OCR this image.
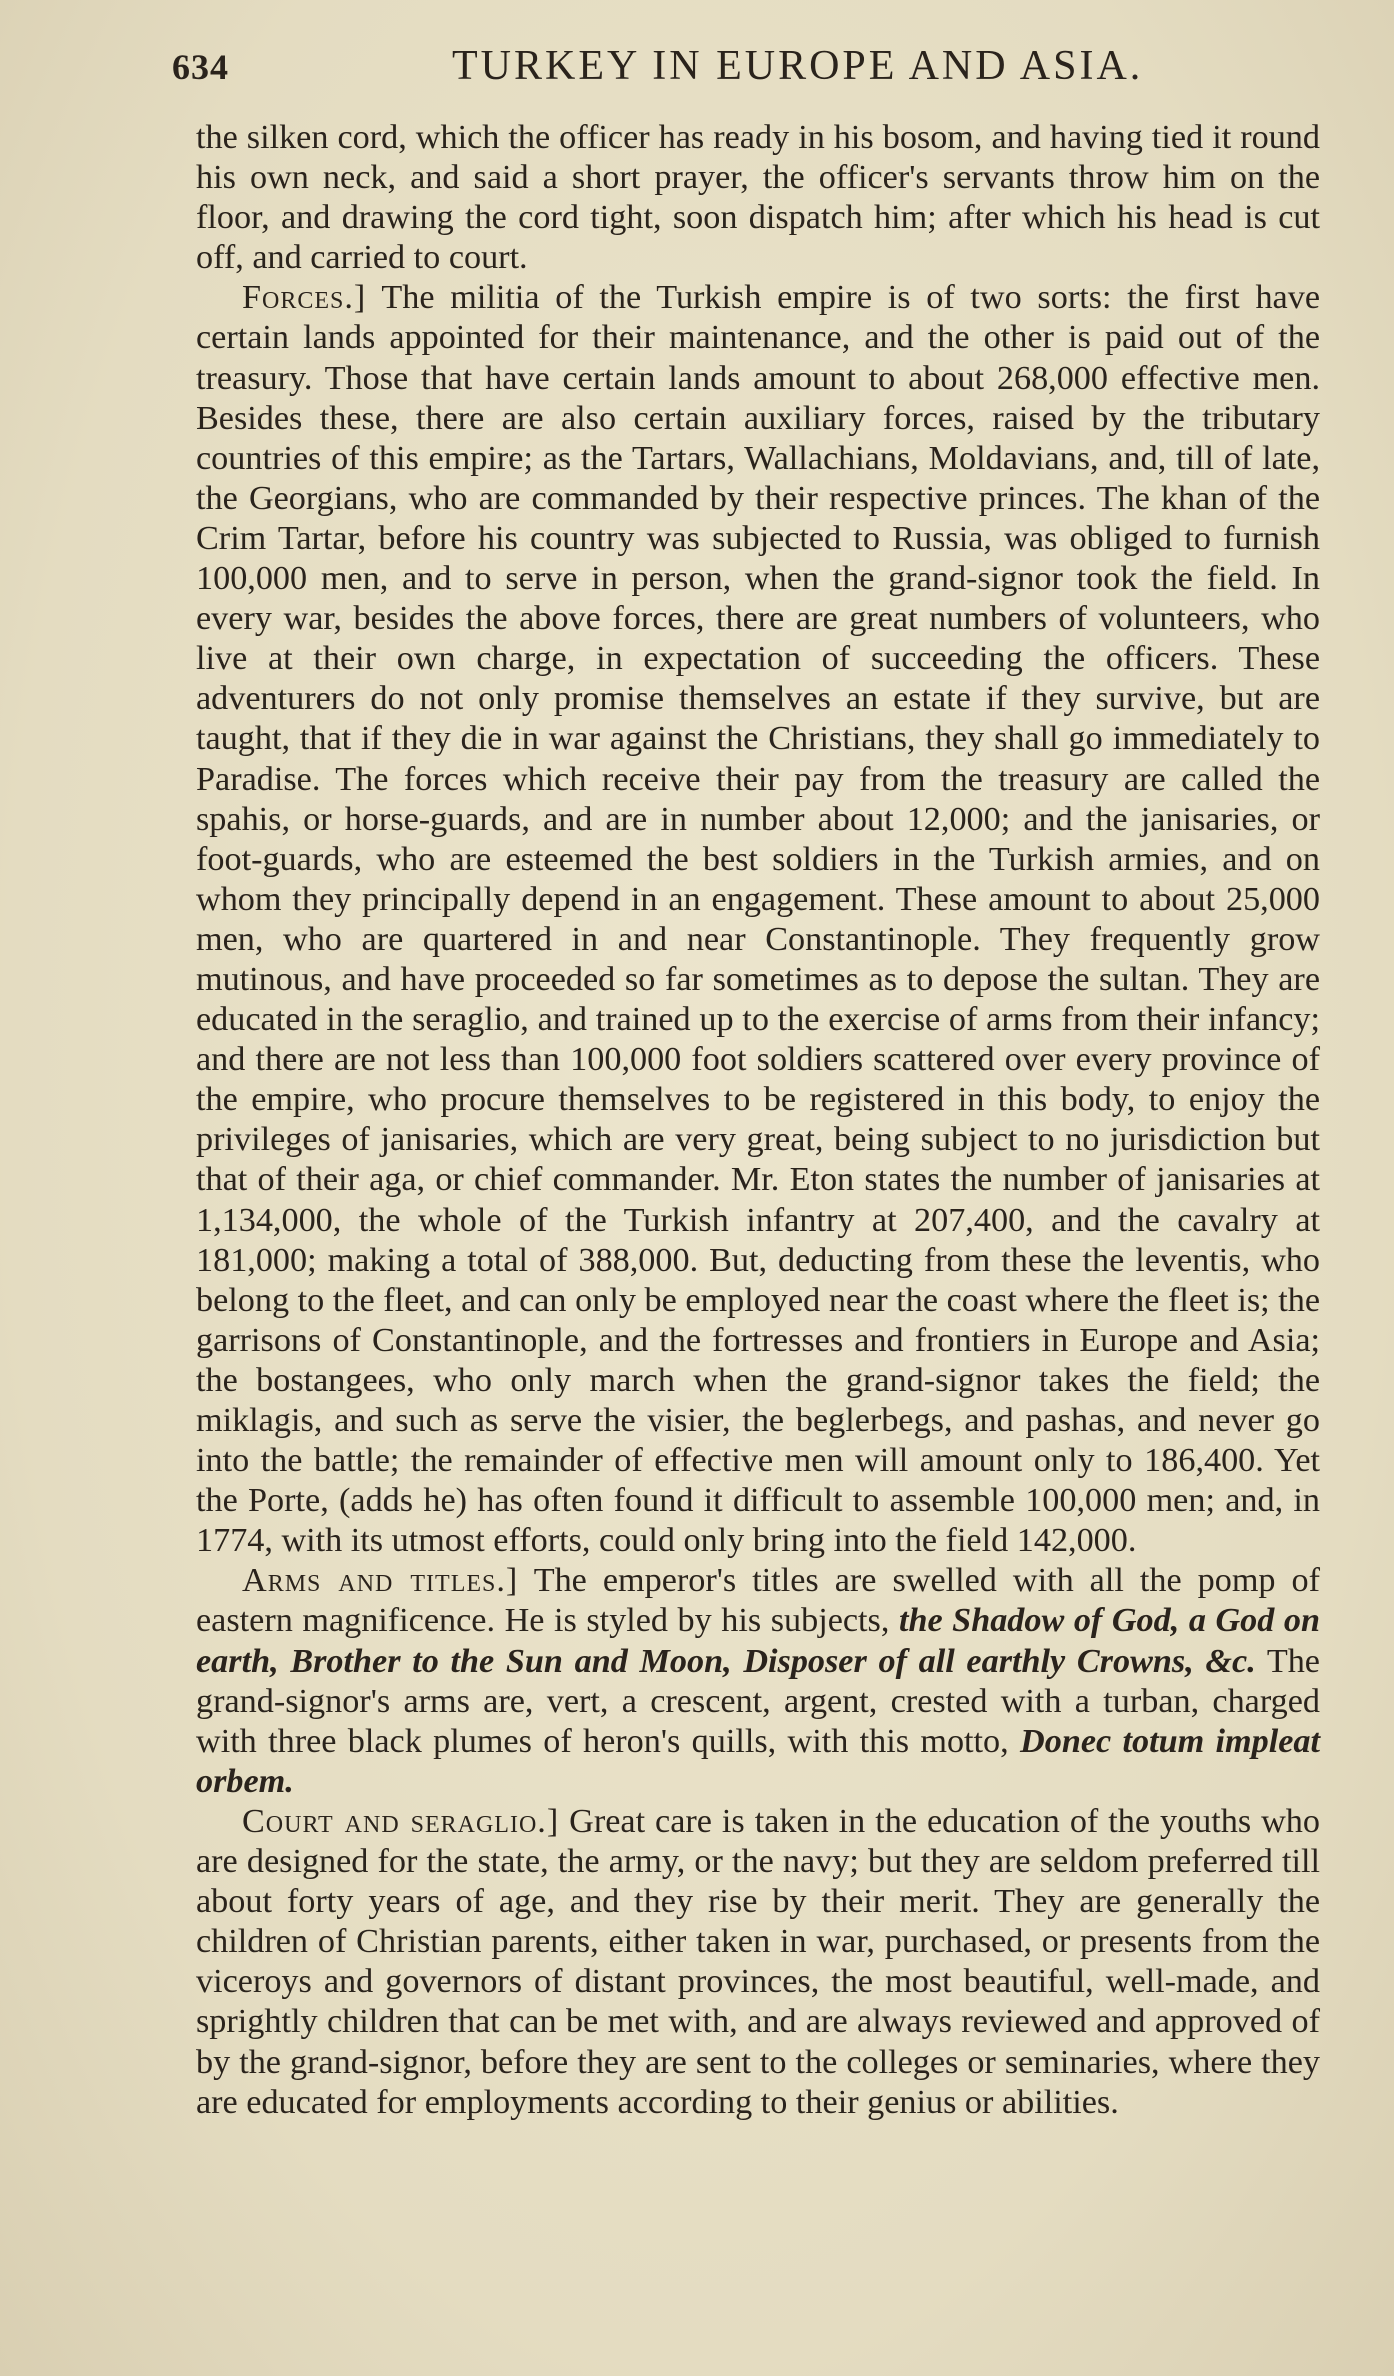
634	TURKEY IN EUROPE AND ASIA.

the silken cord, which the officer has ready in his bosom, and having tied it round his own neck, and said a short prayer, the officer's servants throw him on the floor, and drawing the cord tight, soon dispatch him; after which his head is cut off, and carried to court.

Forces.] The militia of the Turkish empire is of two sorts: the first have certain lands appointed for their maintenance, and the other is paid out of the treasury. Those that have certain lands amount to about 268,000 effective men. Besides these, there are also certain auxiliary forces, raised by the tributary countries of this empire; as the Tartars, Wallachians, Moldavians, and, till of late, the Georgians, who are commanded by their respective princes. The khan of the Crim Tartar, before his country was subjected to Russia, was obliged to furnish 100,000 men, and to serve in person, when the grand-signor took the field. In every war, besides the above forces, there are great numbers of volunteers, who live at their own charge, in expectation of succeeding the officers. These adventurers do not only promise themselves an estate if they survive, but are taught, that if they die in war against the Christians, they shall go immediately to Paradise. The forces which receive their pay from the treasury are called the spahis, or horse-guards, and are in number about 12,000; and the janisaries, or foot-guards, who are esteemed the best soldiers in the Turkish armies, and on whom they principally depend in an engagement. These amount to about 25,000 men, who are quartered in and near Constantinople. They frequently grow mutinous, and have proceeded so far sometimes as to depose the sultan. They are educated in the seraglio, and trained up to the exercise of arms from their infancy; and there are not less than 100,000 foot soldiers scattered over every province of the empire, who procure themselves to be registered in this body, to enjoy the privileges of janisaries, which are very great, being subject to no jurisdiction but that of their aga, or chief commander. Mr. Eton states the number of janisaries at 1,134,000, the whole of the Turkish infantry at 207,400, and the cavalry at 181,000; making a total of 388,000. But, deducting from these the leventis, who belong to the fleet, and can only be employed near the coast where the fleet is; the garrisons of Constantinople, and the fortresses and frontiers in Europe and Asia; the bostangees, who only march when the grand-signor takes the field; the miklagis, and such as serve the visier, the beglerbegs, and pashas, and never go into the battle; the remainder of effective men will amount only to 186,400. Yet the Porte, (adds he) has often found it difficult to assemble 100,000 men; and, in 1774, with its utmost efforts, could only bring into the field 142,000.

Arms and titles.] The emperor's titles are swelled with all the pomp of eastern magnificence. He is styled by his subjects, the Shadow of God, a God on earth, Brother to the Sun and Moon, Disposer of all earthly Crowns, &c. The grand-signor's arms are, vert, a crescent, argent, crested with a turban, charged with three black plumes of heron's quills, with this motto, Donec totum impleat orbem.

Court and seraglio.] Great care is taken in the education of the youths who are designed for the state, the army, or the navy; but they are seldom preferred till about forty years of age, and they rise by their merit. They are generally the children of Christian parents, either taken in war, purchased, or presents from the viceroys and governors of distant provinces, the most beautiful, well-made, and sprightly children that can be met with, and are always reviewed and approved of by the grand-signor, before they are sent to the colleges or seminaries, where they are educated for employments according to their genius or abilities.
